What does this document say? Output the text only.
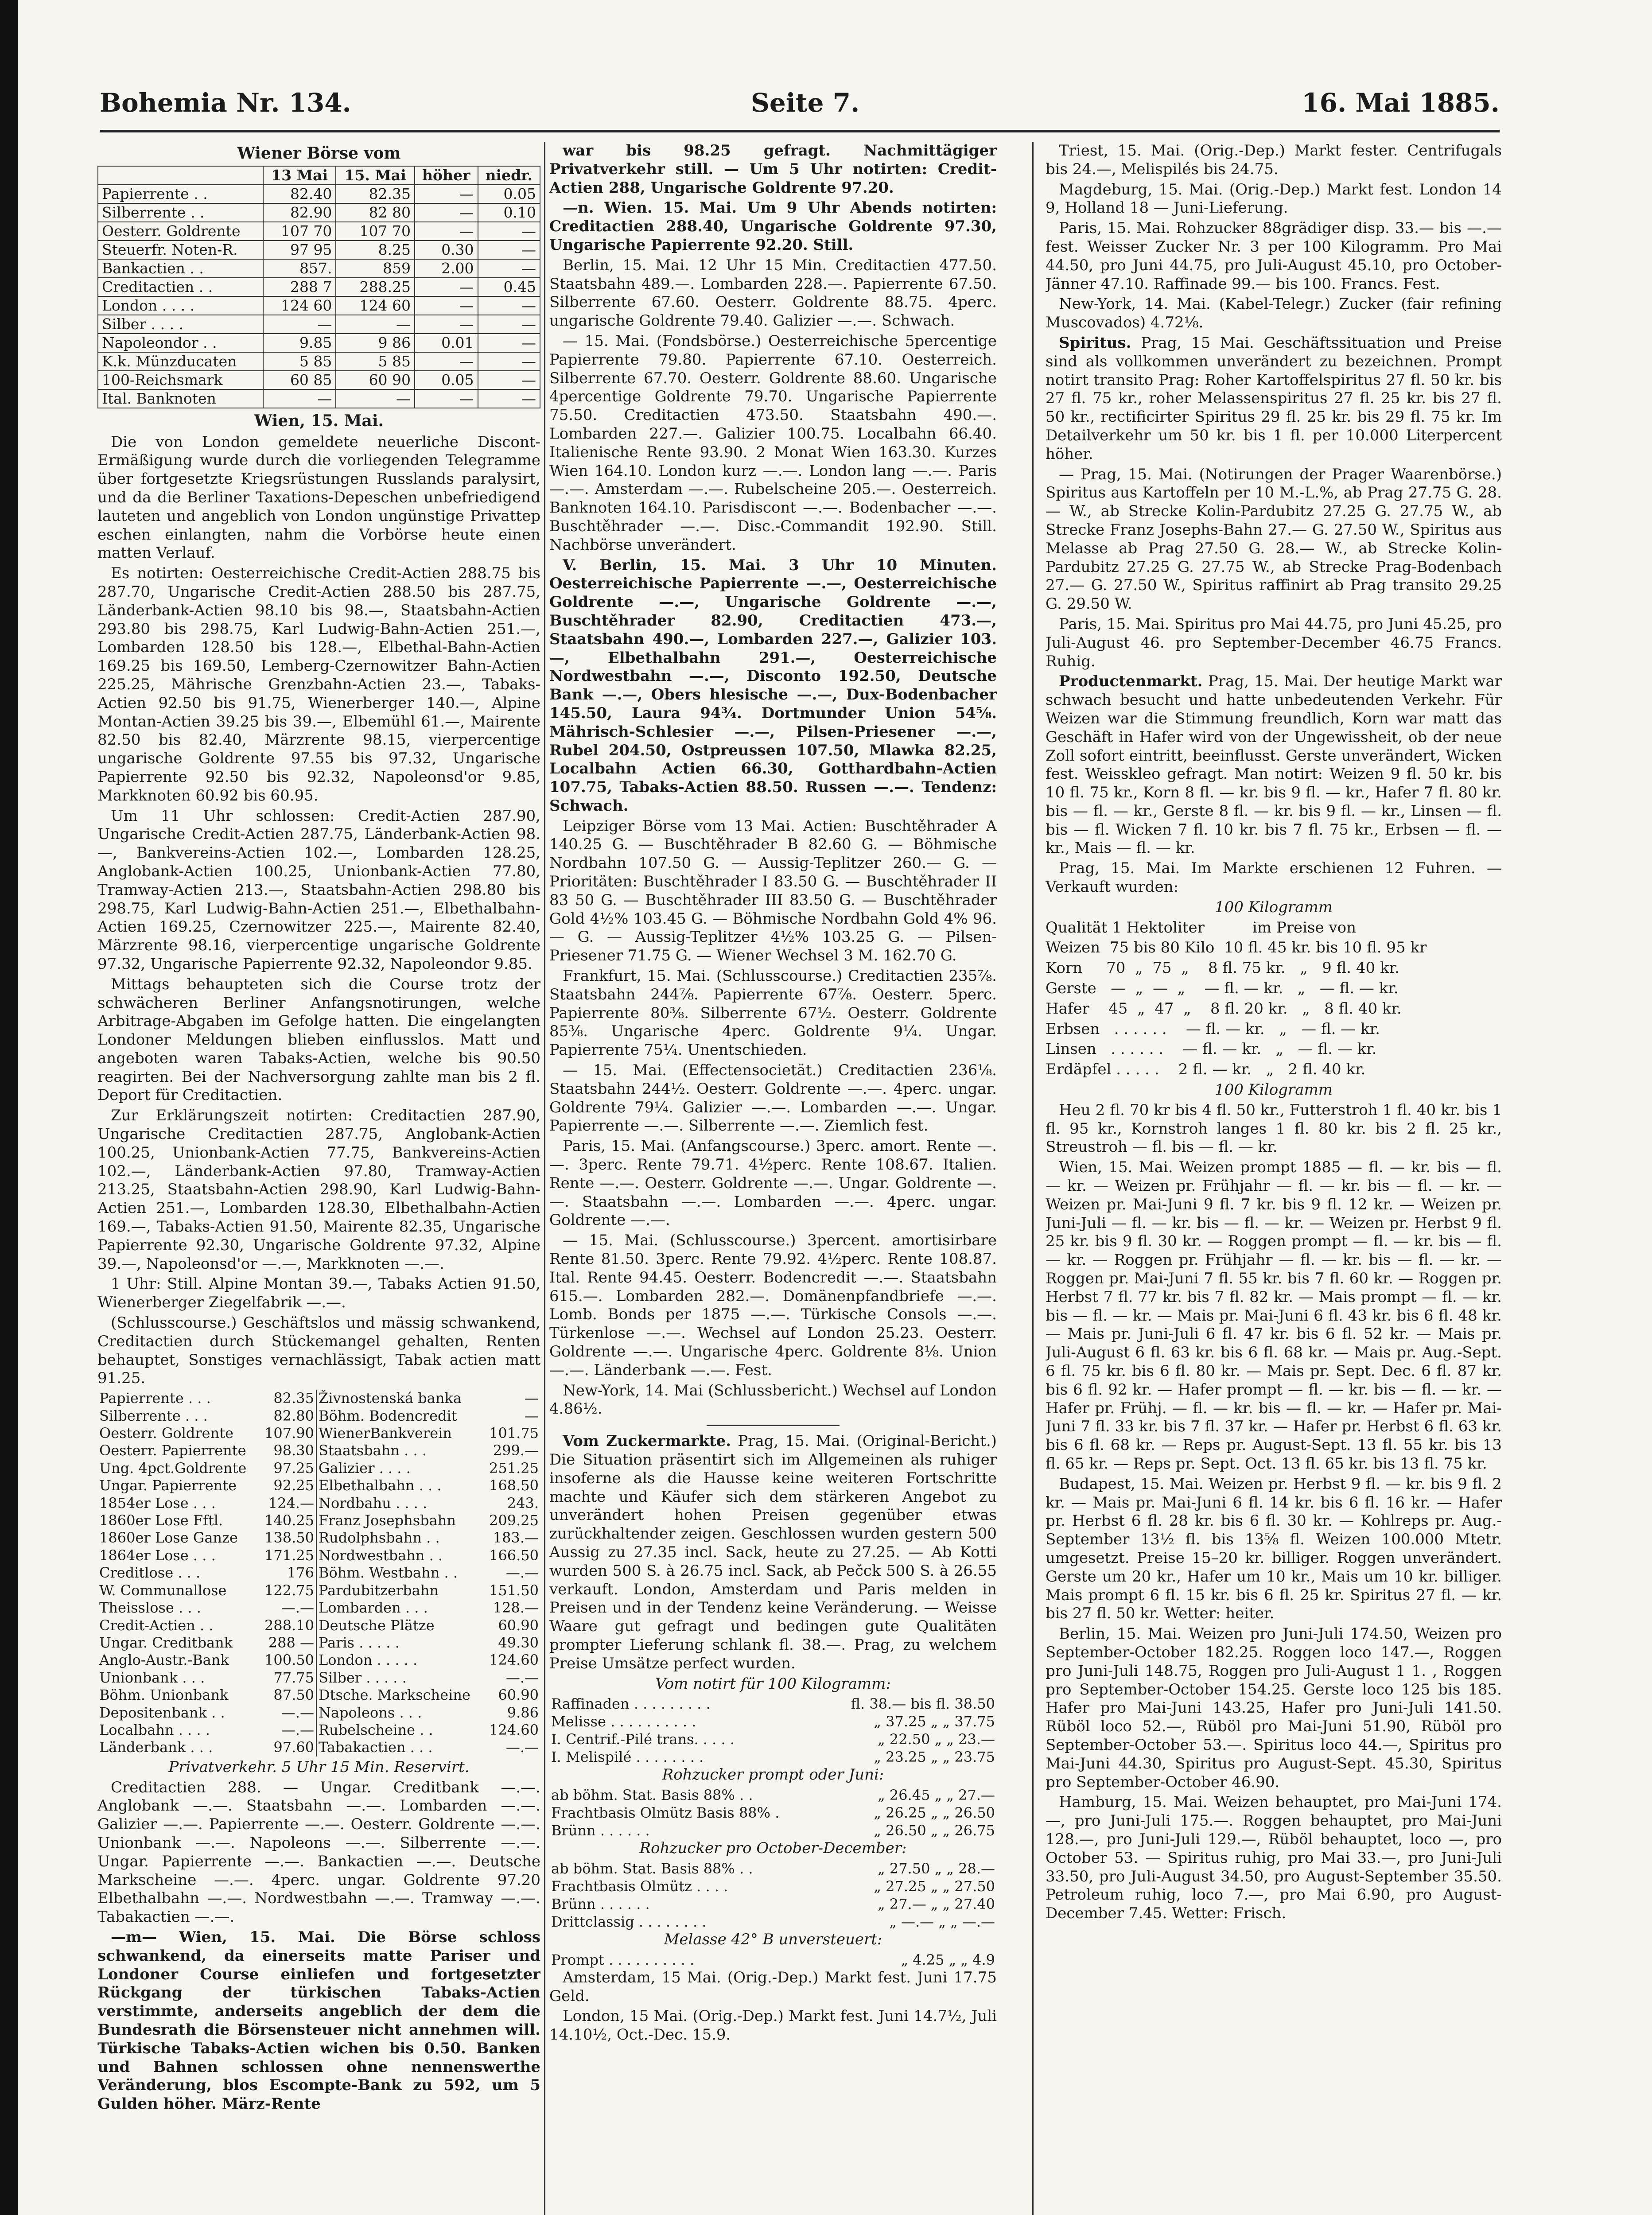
Bohemia Nr. 134.	Seite 7.	16. Mai 1885.
Wiener Börse vom
	13 Mai	15. Mai	höher	niedr.
Papierrente . .	82.40	82.35	—	0.05
Silberrente . .	82.90	82 80	—	0.10
Oesterr. Goldrente	107 70	107 70	—	—
Steuerfr. Noten-R.	97 95	8.25	0.30	—
Bankactien . .	857.	859	2.00	—
Creditactien . .	288 7	288.25	—	0.45
London . . . .	124 60	124 60	—	—
Silber . . . .	—	—	—	—
Napoleondor . .	9.85	9 86	0.01	—
K.k. Münzducaten	5 85	5 85	—	—
100-Reichsmark	60 85	60 90	0.05	—
Ital. Banknoten	—	—	—	—
Wien, 15. Mai.

Die von London gemeldete neuerliche Discont-Ermäßigung wurde durch die vorliegenden Telegramme über fortgesetzte Kriegsrüstungen Russlands paralysirt, und da die Berliner Taxations-Depeschen unbefriedigend lauteten und angeblich von London ungünstige Privattep eschen einlangten, nahm die Vorbörse heute einen matten Verlauf.

Es notirten: Oesterreichische Credit-Actien 288.75 bis 287.70, Ungarische Credit-Actien 288.50 bis 287.75, Länderbank-Actien 98.10 bis 98.—, Staatsbahn-Actien 293.80 bis 298.75, Karl Ludwig-Bahn-Actien 251.—, Lombarden 128.50 bis 128.—, Elbethal-Bahn-Actien 169.25 bis 169.50, Lemberg-Czernowitzer Bahn-Actien 225.25, Mährische Grenzbahn-Actien 23.—, Tabaks-Actien 92.50 bis 91.75, Wienerberger 140.—, Alpine Montan-Actien 39.25 bis 39.—, Elbemühl 61.—, Mairente 82.50 bis 82.40, Märzrente 98.15, vierpercentige ungarische Goldrente 97.55 bis 97.32, Ungarische Papierrente 92.50 bis 92.32, Napoleonsd'or 9.85, Markknoten 60.92 bis 60.95.

Um 11 Uhr schlossen: Credit-Actien 287.90, Ungarische Credit-Actien 287.75, Länderbank-Actien 98.—, Bankvereins-Actien 102.—, Lombarden 128.25, Anglobank-Actien 100.25, Unionbank-Actien 77.80, Tramway-Actien 213.—, Staatsbahn-Actien 298.80 bis 298.75, Karl Ludwig-Bahn-Actien 251.—, Elbethalbahn-Actien 169.25, Czernowitzer 225.—, Mairente 82.40, Märzrente 98.16, vierpercentige ungarische Goldrente 97.32, Ungarische Papierrente 92.32, Napoleondor 9.85.

Mittags behaupteten sich die Course trotz der schwächeren Berliner Anfangsnotirungen, welche Arbitrage-Abgaben im Gefolge hatten. Die eingelangten Londoner Meldungen blieben einflusslos. Matt und angeboten waren Tabaks-Actien, welche bis 90.50 reagirten. Bei der Nachversorgung zahlte man bis 2 fl. Deport für Creditactien.

Zur Erklärungszeit notirten: Creditactien 287.90, Ungarische Creditactien 287.75, Anglobank-Actien 100.25, Unionbank-Actien 77.75, Bankvereins-Actien 102.—, Länderbank-Actien 97.80, Tramway-Actien 213.25, Staatsbahn-Actien 298.90, Karl Ludwig-Bahn-Actien 251.—, Lombarden 128.30, Elbethalbahn-Actien 169.—, Tabaks-Actien 91.50, Mairente 82.35, Ungarische Papierrente 92.30, Ungarische Goldrente 97.32, Alpine 39.—, Napoleonsd'or —.—, Markknoten —.—.

1 Uhr: Still. Alpine Montan 39.—, Tabaks Actien 91.50, Wienerberger Ziegelfabrik —.—.

(Schlusscourse.) Geschäftslos und mässig schwankend, Creditactien durch Stückemangel gehalten, Renten behauptet, Sonstiges vernachlässigt, Tabak actien matt 91.25.

Papierrente . . .	82.35	Živnostenská banka	—
Silberrente . . .	82.80	Böhm. Bodencredit	—
Oesterr. Goldrente	107.90	WienerBankverein	101.75
Oesterr. Papierrente	98.30	Staatsbahn . . .	299.—
Ung. 4pct.Goldrente	97.25	Galizier . . . .	251.25
Ungar. Papierrente	92.25	Elbethalbahn . . .	168.50
1854er Lose . . .	124.—	Nordbahu . . . .	243.
1860er Lose Fftl.	140.25	Franz Josephsbahn	209.25
1860er Lose Ganze	138.50	Rudolphsbahn . .	183.—
1864er Lose . . .	171.25	Nordwestbahn . .	166.50
Creditlose . . .	176	Böhm. Westbahn . .	—.—
W. Communallose	122.75	Pardubitzerbahn	151.50
Theisslose . . .	—.—	Lombarden . . .	128.—
Credit-Actien . .	288.10	Deutsche Plätze	60.90
Ungar. Creditbank	288 —	Paris . . . . .	49.30
Anglo-Austr.-Bank	100.50	London . . . . .	124.60
Unionbank . . .	77.75	Silber . . . . .	—.—
Böhm. Unionbank	87.50	Dtsche. Markscheine	60.90
Depositenbank . .	—.—	Napoleons . . .	9.86
Localbahn . . . .	—.—	Rubelscheine . .	124.60
Länderbank . . .	97.60	Tabakactien . . .	—.—

Privatverkehr. 5 Uhr 15 Min. Reservirt.

Creditactien 288. — Ungar. Creditbank —.—. Anglobank —.—. Staatsbahn —.—. Lombarden —.—. Galizier —.—. Papierrente —.—. Oesterr. Goldrente —.—. Unionbank —.—. Napoleons —.—. Silberrente —.—. Ungar. Papierrente —.—. Bankactien —.—. Deutsche Markscheine —.—. 4perc. ungar. Goldrente 97.20 Elbethalbahn —.—. Nordwestbahn —.—. Tramway —.—. Tabakactien —.—.

—m— Wien, 15. Mai. Die Börse schloss schwankend, da einerseits matte Pariser und Londoner Course einliefen und fortgesetzter Rückgang der türkischen Tabaks-Actien verstimmte, anderseits angeblich der dem die Bundesrath die Börsensteuer nicht annehmen will. Türkische Tabaks-Actien wichen bis 0.50. Banken und Bahnen schlossen ohne nennenswerthe Veränderung, blos Escompte-Bank zu 592, um 5 Gulden höher. März-Rente

war bis 98.25 gefragt. Nachmittägiger Privatverkehr still. — Um 5 Uhr notirten: Credit-Actien 288, Ungarische Goldrente 97.20.

—n. Wien. 15. Mai. Um 9 Uhr Abends notirten: Creditactien 288.40, Ungarische Goldrente 97.30, Ungarische Papierrente 92.20. Still.

Berlin, 15. Mai. 12 Uhr 15 Min. Creditactien 477.50. Staatsbahn 489.—. Lombarden 228.—. Papierrente 67.50. Silberrente 67.60. Oesterr. Goldrente 88.75. 4perc. ungarische Goldrente 79.40. Galizier —.—. Schwach.

— 15. Mai. (Fondsbörse.) Oesterreichische 5percentige Papierrente 79.80. Papierrente 67.10. Oesterreich. Silberrente 67.70. Oesterr. Goldrente 88.60. Ungarische 4percentige Goldrente 79.70. Ungarische Papierrente 75.50. Creditactien 473.50. Staatsbahn 490.—. Lombarden 227.—. Galizier 100.75. Localbahn 66.40. Italienische Rente 93.90. 2 Monat Wien 163.30. Kurzes Wien 164.10. London kurz —.—. London lang —.—. Paris —.—. Amsterdam —.—. Rubelscheine 205.—. Oesterreich. Banknoten 164.10. Parisdiscont —.—. Bodenbacher —.—. Buschtěhrader —.—. Disc.-Commandit 192.90. Still. Nachbörse unverändert.

V. Berlin, 15. Mai. 3 Uhr 10 Minuten. Oesterreichische Papierrente —.—, Oesterreichische Goldrente —.—, Ungarische Goldrente —.—, Buschtěhrader 82.90, Creditactien 473.—, Staatsbahn 490.—, Lombarden 227.—, Galizier 103.—, Elbethalbahn 291.—, Oesterreichische Nordwestbahn —.—, Disconto 192.50, Deutsche Bank —.—, Obers hlesische —.—, Dux-Bodenbacher 145.50, Laura 94¾. Dortmunder Union 54⅝. Mährisch-Schlesier —.—, Pilsen-Priesener —.—, Rubel 204.50, Ostpreussen 107.50, Mlawka 82.25, Localbahn Actien 66.30, Gotthardbahn-Actien 107.75, Tabaks-Actien 88.50. Russen —.—. Tendenz: Schwach.

Leipziger Börse vom 13 Mai. Actien: Buschtěhrader A 140.25 G. — Buschtěhrader B 82.60 G. — Böhmische Nordbahn 107.50 G. — Aussig-Teplitzer 260.— G. — Prioritäten: Buschtěhrader I 83.50 G. — Buschtěhrader II 83 50 G. — Buschtěhrader III 83.50 G. — Buschtěhrader Gold 4½% 103.45 G. — Böhmische Nordbahn Gold 4% 96.— G. — Aussig-Teplitzer 4½% 103.25 G. — Pilsen-Priesener 71.75 G. — Wiener Wechsel 3 M. 162.70 G.

Frankfurt, 15. Mai. (Schlusscourse.) Creditactien 235⅞. Staatsbahn 244⅞. Papierrente 67⅞. Oesterr. 5perc. Papierrente 80⅜. Silberrente 67½. Oesterr. Goldrente 85⅜. Ungarische 4perc. Goldrente 9¼. Ungar. Papierrente 75¼. Unentschieden.

— 15. Mai. (Effectensocietät.) Creditactien 236⅛. Staatsbahn 244½. Oesterr. Goldrente —.—. 4perc. ungar. Goldrente 79¼. Galizier —.—. Lombarden —.—. Ungar. Papierrente —.—. Silberrente —.—. Ziemlich fest.

Paris, 15. Mai. (Anfangscourse.) 3perc. amort. Rente —.—. 3perc. Rente 79.71. 4½perc. Rente 108.67. Italien. Rente —.—. Oesterr. Goldrente —.—. Ungar. Goldrente —.—. Staatsbahn —.—. Lombarden —.—. 4perc. ungar. Goldrente —.—.

— 15. Mai. (Schlusscourse.) 3percent. amortisirbare Rente 81.50. 3perc. Rente 79.92. 4½perc. Rente 108.87. Ital. Rente 94.45. Oesterr. Bodencredit —.—. Staatsbahn 615.—. Lombarden 282.—. Domänenpfandbriefe —.—. Lomb. Bonds per 1875 —.—. Türkische Consols —.—. Türkenlose —.—. Wechsel auf London 25.23. Oesterr. Goldrente —.—. Ungarische 4perc. Goldrente 8⅛. Union —.—. Länderbank —.—. Fest.

New-York, 14. Mai (Schlussbericht.) Wechsel auf London 4.86½.

Vom Zuckermarkte. Prag, 15. Mai. (Original-Bericht.) Die Situation präsentirt sich im Allgemeinen als ruhiger insoferne als die Hausse keine weiteren Fortschritte machte und Käufer sich dem stärkeren Angebot zu unverändert hohen Preisen gegenüber etwas zurückhaltender zeigen. Geschlossen wurden gestern 500 Aussig zu 27.35 incl. Sack, heute zu 27.25. — Ab Kotti wurden 500 S. à 26.75 incl. Sack, ab Pečck 500 S. à 26.55 verkauft. London, Amsterdam und Paris melden in Preisen und in der Tendenz keine Veränderung. — Weisse Waare gut gefragt und bedingen gute Qualitäten prompter Lieferung schlank fl. 38.—. Prag, zu welchem Preise Umsätze perfect wurden.

Vom notirt für 100 Kilogramm:

Raffinaden . . . . . . . . .	fl. 38.— bis fl. 38.50
Melisse . . . . . . . . . .	„ 37.25 „ „ 37.75
I. Centrif.-Pilé trans. . . . .	„ 22.50 „ „ 23.—
I. Melispilé . . . . . . . .	„ 23.25 „ „ 23.75

Rohzucker prompt oder Juni:

ab böhm. Stat. Basis 88% . .	„ 26.45 „ „ 27.—
Frachtbasis Olmütz Basis 88% .	„ 26.25 „ „ 26.50
Brünn . . . . . .	„ 26.50 „ „ 26.75

Rohzucker pro October-December:

ab böhm. Stat. Basis 88% . .	„ 27.50 „ „ 28.—
Frachtbasis Olmütz . . . .	„ 27.25 „ „ 27.50
Brünn . . . . . .	„ 27.— „ „ 27.40
Drittclassig . . . . . . . .	„ —.— „ „ —.—

Melasse 42° B unversteuert:

Prompt . . . . . . . . . .	„ 4.25 „ „ 4.9

Amsterdam, 15 Mai. (Orig.-Dep.) Markt fest. Juni 17.75 Geld.

London, 15 Mai. (Orig.-Dep.) Markt fest. Juni 14.7½, Juli 14.10½, Oct.-Dec. 15.9.

Triest, 15. Mai. (Orig.-Dep.) Markt fester. Centrifugals bis 24.—, Melispilés bis 24.75.

Magdeburg, 15. Mai. (Orig.-Dep.) Markt fest. London 14 9, Holland 18 — Juni-Lieferung.

Paris, 15. Mai. Rohzucker 88grädiger disp. 33.— bis —.— fest. Weisser Zucker Nr. 3 per 100 Kilogramm. Pro Mai 44.50, pro Juni 44.75, pro Juli-August 45.10, pro October-Jänner 47.10. Raffinade 99.— bis 100. Francs. Fest.

New-York, 14. Mai. (Kabel-Telegr.) Zucker (fair refining Muscovados) 4.72⅛.

Spiritus. Prag, 15 Mai. Geschäftssituation und Preise sind als vollkommen unverändert zu bezeichnen. Prompt notirt transito Prag: Roher Kartoffelspiritus 27 fl. 50 kr. bis 27 fl. 75 kr., roher Melassenspiritus 27 fl. 25 kr. bis 27 fl. 50 kr., rectificirter Spiritus 29 fl. 25 kr. bis 29 fl. 75 kr. Im Detailverkehr um 50 kr. bis 1 fl. per 10.000 Literpercent höher.

— Prag, 15. Mai. (Notirungen der Prager Waarenbörse.) Spiritus aus Kartoffeln per 10 M.-L.%, ab Prag 27.75 G. 28.— W., ab Strecke Kolin-Pardubitz 27.25 G. 27.75 W., ab Strecke Franz Josephs-Bahn 27.— G. 27.50 W., Spiritus aus Melasse ab Prag 27.50 G. 28.— W., ab Strecke Kolin-Pardubitz 27.25 G. 27.75 W., ab Strecke Prag-Bodenbach 27.— G. 27.50 W., Spiritus raffinirt ab Prag transito 29.25 G. 29.50 W.

Paris, 15. Mai. Spiritus pro Mai 44.75, pro Juni 45.25, pro Juli-August 46. pro September-December 46.75 Francs. Ruhig.

Productenmarkt. Prag, 15. Mai. Der heutige Markt war schwach besucht und hatte unbedeutenden Verkehr. Für Weizen war die Stimmung freundlich, Korn war matt das Geschäft in Hafer wird von der Ungewissheit, ob der neue Zoll sofort eintritt, beeinflusst. Gerste unverändert, Wicken fest. Weisskleo gefragt. Man notirt: Weizen 9 fl. 50 kr. bis 10 fl. 75 kr., Korn 8 fl. — kr. bis 9 fl. — kr., Hafer 7 fl. 80 kr. bis — fl. — kr., Gerste 8 fl. — kr. bis 9 fl. — kr., Linsen — fl. bis — fl. Wicken 7 fl. 10 kr. bis 7 fl. 75 kr., Erbsen — fl. — kr., Mais — fl. — kr.

Prag, 15. Mai. Im Markte erschienen 12 Fuhren. — Verkauft wurden:

100 Kilogramm

Qualität 1 Hektoliter          im Preise von

Weizen  75 bis 80 Kilo  10 fl. 45 kr. bis 10 fl. 95 kr

Korn     70  „  75  „    8 fl. 75 kr.   „   9 fl. 40 kr.

Gerste   —  „  —  „    — fl. — kr.   „   — fl. — kr.

Hafer    45  „  47  „    8 fl. 20 kr.   „   8 fl. 40 kr.

Erbsen   . . . . . .    — fl. — kr.   „   — fl. — kr.

Linsen   . . . . . .    — fl. — kr.   „   — fl. — kr.

Erdäpfel . . . . .    2 fl. — kr.   „   2 fl. 40 kr.

100 Kilogramm

Heu 2 fl. 70 kr bis 4 fl. 50 kr., Futterstroh 1 fl. 40 kr. bis 1 fl. 95 kr., Kornstroh langes 1 fl. 80 kr. bis 2 fl. 25 kr., Streustroh — fl. bis — fl. — kr.

Wien, 15. Mai. Weizen prompt 1885 — fl. — kr. bis — fl. — kr. — Weizen pr. Frühjahr — fl. — kr. bis — fl. — kr. — Weizen pr. Mai-Juni 9 fl. 7 kr. bis 9 fl. 12 kr. — Weizen pr. Juni-Juli — fl. — kr. bis — fl. — kr. — Weizen pr. Herbst 9 fl. 25 kr. bis 9 fl. 30 kr. — Roggen prompt — fl. — kr. bis — fl. — kr. — Roggen pr. Frühjahr — fl. — kr. bis — fl. — kr. — Roggen pr. Mai-Juni 7 fl. 55 kr. bis 7 fl. 60 kr. — Roggen pr. Herbst 7 fl. 77 kr. bis 7 fl. 82 kr. — Mais prompt — fl. — kr. bis — fl. — kr. — Mais pr. Mai-Juni 6 fl. 43 kr. bis 6 fl. 48 kr. — Mais pr. Juni-Juli 6 fl. 47 kr. bis 6 fl. 52 kr. — Mais pr. Juli-August 6 fl. 63 kr. bis 6 fl. 68 kr. — Mais pr. Aug.-Sept. 6 fl. 75 kr. bis 6 fl. 80 kr. — Mais pr. Sept. Dec. 6 fl. 87 kr. bis 6 fl. 92 kr. — Hafer prompt — fl. — kr. bis — fl. — kr. — Hafer pr. Frühj. — fl. — kr. bis — fl. — kr. — Hafer pr. Mai-Juni 7 fl. 33 kr. bis 7 fl. 37 kr. — Hafer pr. Herbst 6 fl. 63 kr. bis 6 fl. 68 kr. — Reps pr. August-Sept. 13 fl. 55 kr. bis 13 fl. 65 kr. — Reps pr. Sept. Oct. 13 fl. 65 kr. bis 13 fl. 75 kr.

Budapest, 15. Mai. Weizen pr. Herbst 9 fl. — kr. bis 9 fl. 2 kr. — Mais pr. Mai-Juni 6 fl. 14 kr. bis 6 fl. 16 kr. — Hafer pr. Herbst 6 fl. 28 kr. bis 6 fl. 30 kr. — Kohlreps pr. Aug.-September 13½ fl. bis 13⅝ fl. Weizen 100.000 Mtetr. umgesetzt. Preise 15–20 kr. billiger. Roggen unverändert. Gerste um 20 kr., Hafer um 10 kr., Mais um 10 kr. billiger. Mais prompt 6 fl. 15 kr. bis 6 fl. 25 kr. Spiritus 27 fl. — kr. bis 27 fl. 50 kr. Wetter: heiter.

Berlin, 15. Mai. Weizen pro Juni-Juli 174.50, Weizen pro September-October 182.25. Roggen loco 147.—, Roggen pro Juni-Juli 148.75, Roggen pro Juli-August 1 1. , Roggen pro September-October 154.25. Gerste loco 125 bis 185. Hafer pro Mai-Juni 143.25, Hafer pro Juni-Juli 141.50. Rüböl loco 52.—, Rüböl pro Mai-Juni 51.90, Rüböl pro September-October 53.—. Spiritus loco 44.—, Spiritus pro Mai-Juni 44.30, Spiritus pro August-Sept. 45.30, Spiritus pro September-October 46.90.

Hamburg, 15. Mai. Weizen behauptet, pro Mai-Juni 174.—, pro Juni-Juli 175.—. Roggen behauptet, pro Mai-Juni 128.—, pro Juni-Juli 129.—, Rüböl behauptet, loco —, pro October 53. — Spiritus ruhig, pro Mai 33.—, pro Juni-Juli 33.50, pro Juli-August 34.50, pro August-September 35.50. Petroleum ruhig, loco 7.—, pro Mai 6.90, pro August-December 7.45. Wetter: Frisch.
